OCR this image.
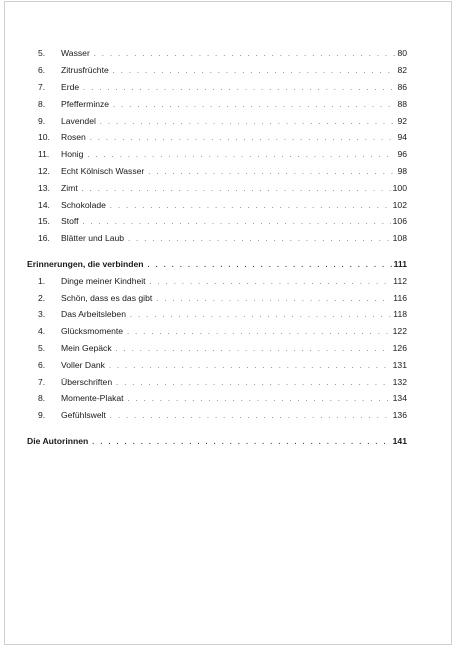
5. Wasser . . .	80
6. Zitrusfrüchte . . .	82
7. Erde . . .	86
8. Pfefferminze . . .	88
9. Lavendel . . .	92
10. Rosen . . .	94
11. Honig . . .	96
12. Echt Kölnisch Wasser . . .	98
13. Zimt . . .	100
14. Schokolade . . .	102
15. Stoff . . .	106
16. Blätter und Laub . . .	108
Erinnerungen, die verbinden . . .	111
1. Dinge meiner Kindheit . . .	112
2. Schön, dass es das gibt . . .	116
3. Das Arbeitsleben . . .	118
4. Glücksmomente . . .	122
5. Mein Gepäck . . .	126
6. Voller Dank . . .	131
7. Überschriften . . .	132
8. Momente-Plakat . . .	134
9. Gefühlswelt . . .	136
Die Autorinnen . . .	141
